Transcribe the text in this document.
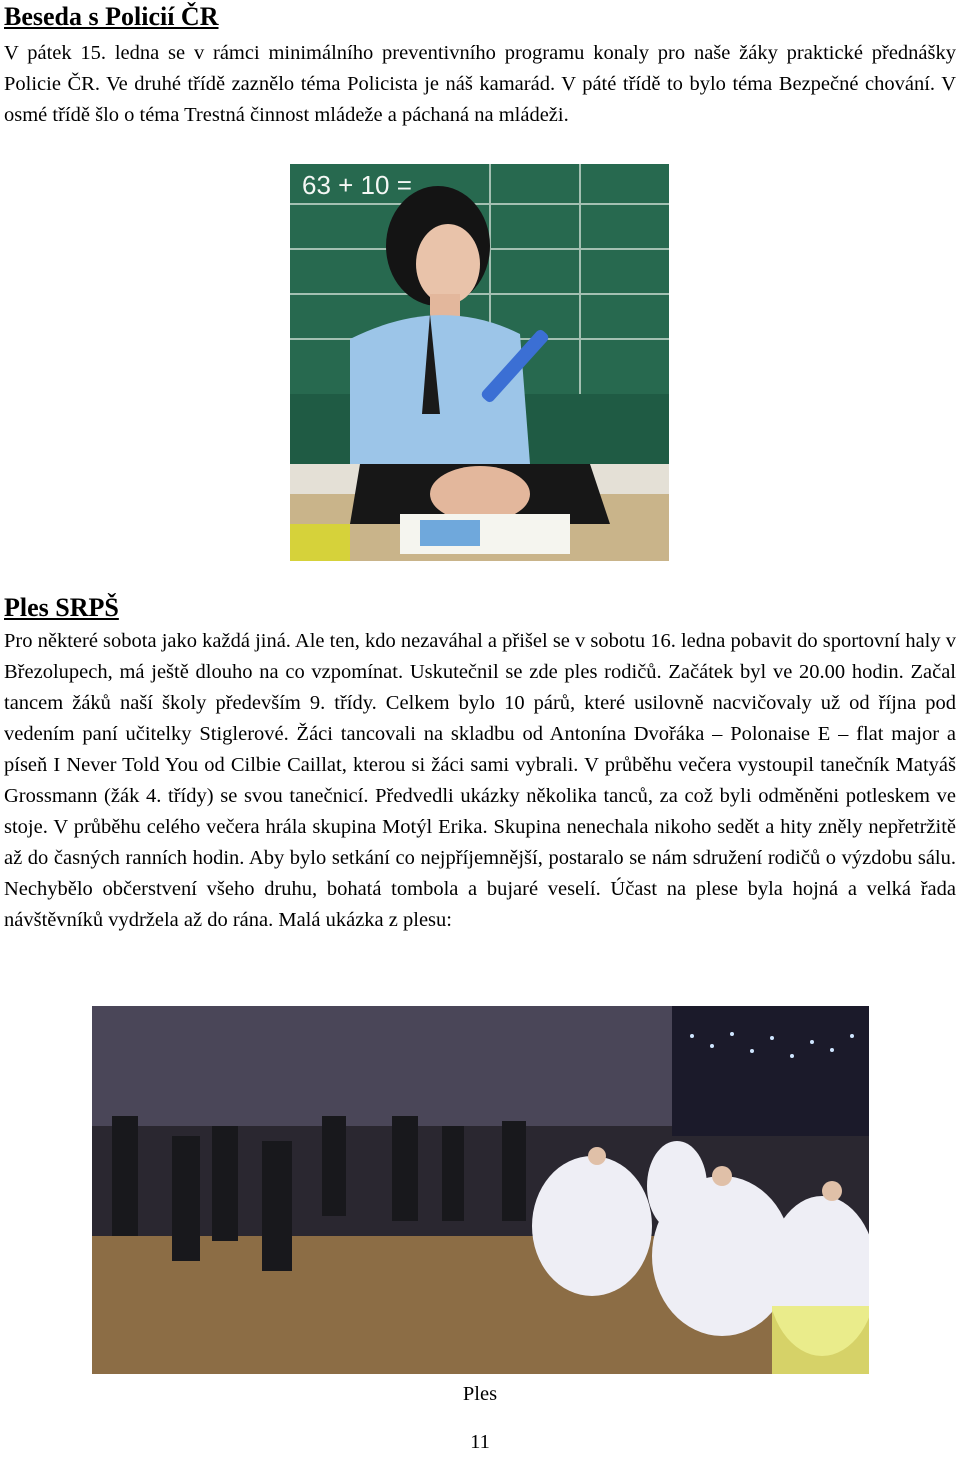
Beseda s Policií ČR

V pátek 15. ledna se v rámci minimálního preventivního programu konaly pro naše žáky praktické přednášky Policie ČR. Ve druhé třídě zaznělo téma Policista je náš kamarád. V páté třídě to bylo téma Bezpečné chování. V osmé třídě šlo o téma Trestná činnost mládeže a páchaná na mládeži.

63 + 10 =
Ples SRPŠ

Pro některé sobota jako každá jiná. Ale ten, kdo nezaváhal a přišel se v sobotu 16. ledna pobavit do sportovní haly v Březolupech, má ještě dlouho na co vzpomínat. Uskutečnil se zde ples rodičů. Začátek byl ve 20.00 hodin. Začal tancem žáků naší školy především 9. třídy. Celkem bylo 10 párů, které usilovně nacvičovaly už od října pod vedením paní učitelky Stiglerové. Žáci tancovali na skladbu od Antonína Dvořáka – Polonaise E – flat major a píseň I Never Told You od Cilbie Caillat, kterou si žáci sami vybrali. V průběhu večera vystoupil tanečník Matyáš Grossmann (žák 4. třídy) se svou tanečnicí. Předvedli ukázky několika tanců, za což byli odměněni potleskem ve stoje. V průběhu celého večera hrála skupina Motýl Erika. Skupina nenechala nikoho sedět a hity zněly nepřetržitě až do časných ranních hodin. Aby bylo setkání co nejpříjemnější, postaralo se nám sdružení rodičů o výzdobu sálu. Nechybělo občerstvení všeho druhu, bohatá tombola a bujaré veselí. Účast na plese byla hojná a velká řada návštěvníků vydržela až do rána. Malá ukázka z plesu:

Ples

11
